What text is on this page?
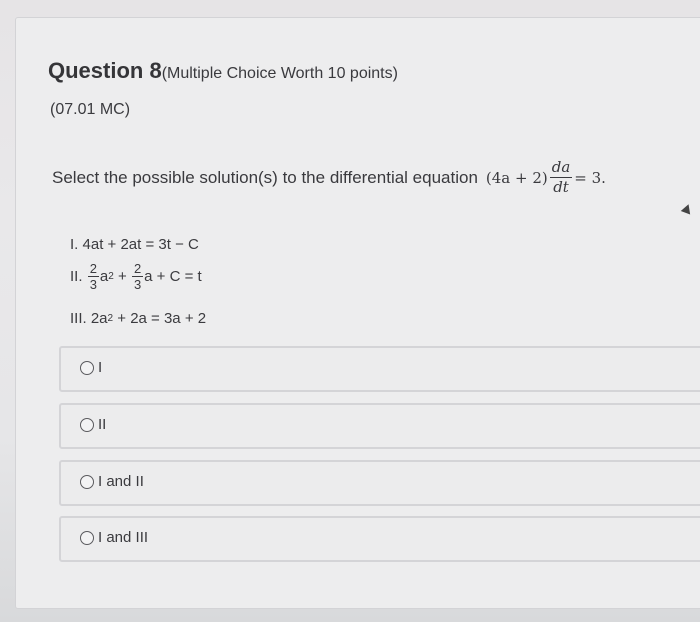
Question 8(Multiple Choice Worth 10 points)
(07.01 MC)
Select the possible solution(s) to the differential equation $(4a + 2) \frac{da}{dt} = 3$.
I.
4at + 2at = 3t − C
II.
$\frac{2}{3}$ a 2
+
$\frac{2}{3}$ a + C = t
III.
2a 2 + 2a = 3a + 2
I
II
I and II
I and III
